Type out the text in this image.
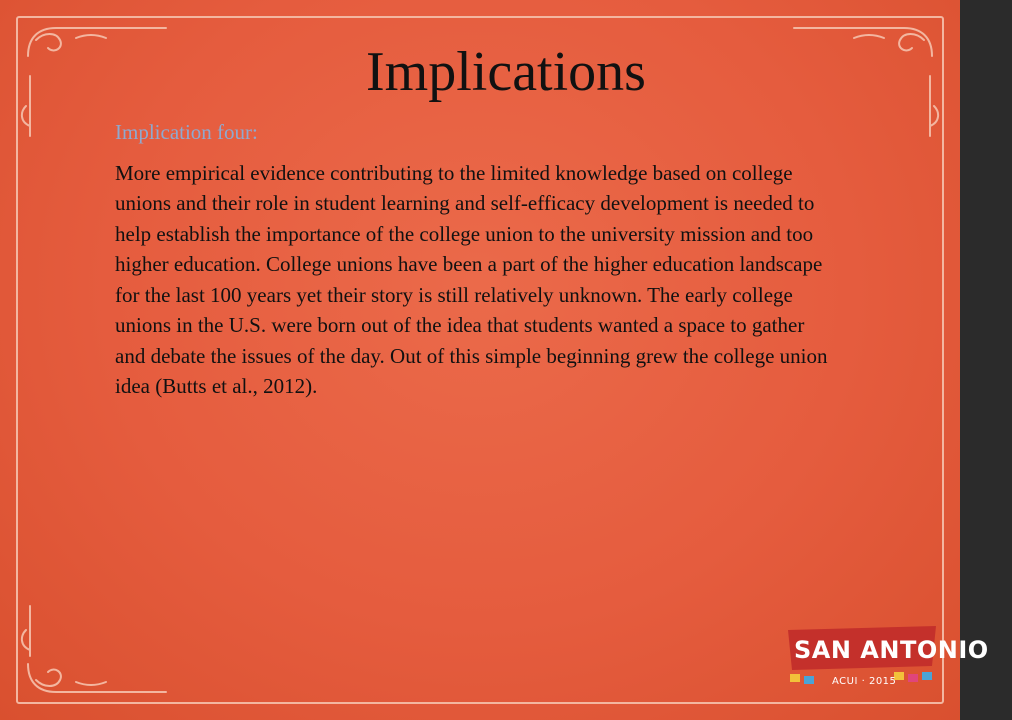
Implications
Implication four:

More empirical evidence contributing to the limited knowledge based on college unions and their role in student learning and self-efficacy development is needed to help establish the importance of the college union to the university mission and too higher education. College unions have been a part of the higher education landscape for the last 100 years yet their story is still relatively unknown. The early college unions in the U.S. were born out of the idea that students wanted a space to gather and debate the issues of the day. Out of this simple beginning grew the college union idea (Butts et al., 2012).

SAN ANTONIO
ACUI · 2015
